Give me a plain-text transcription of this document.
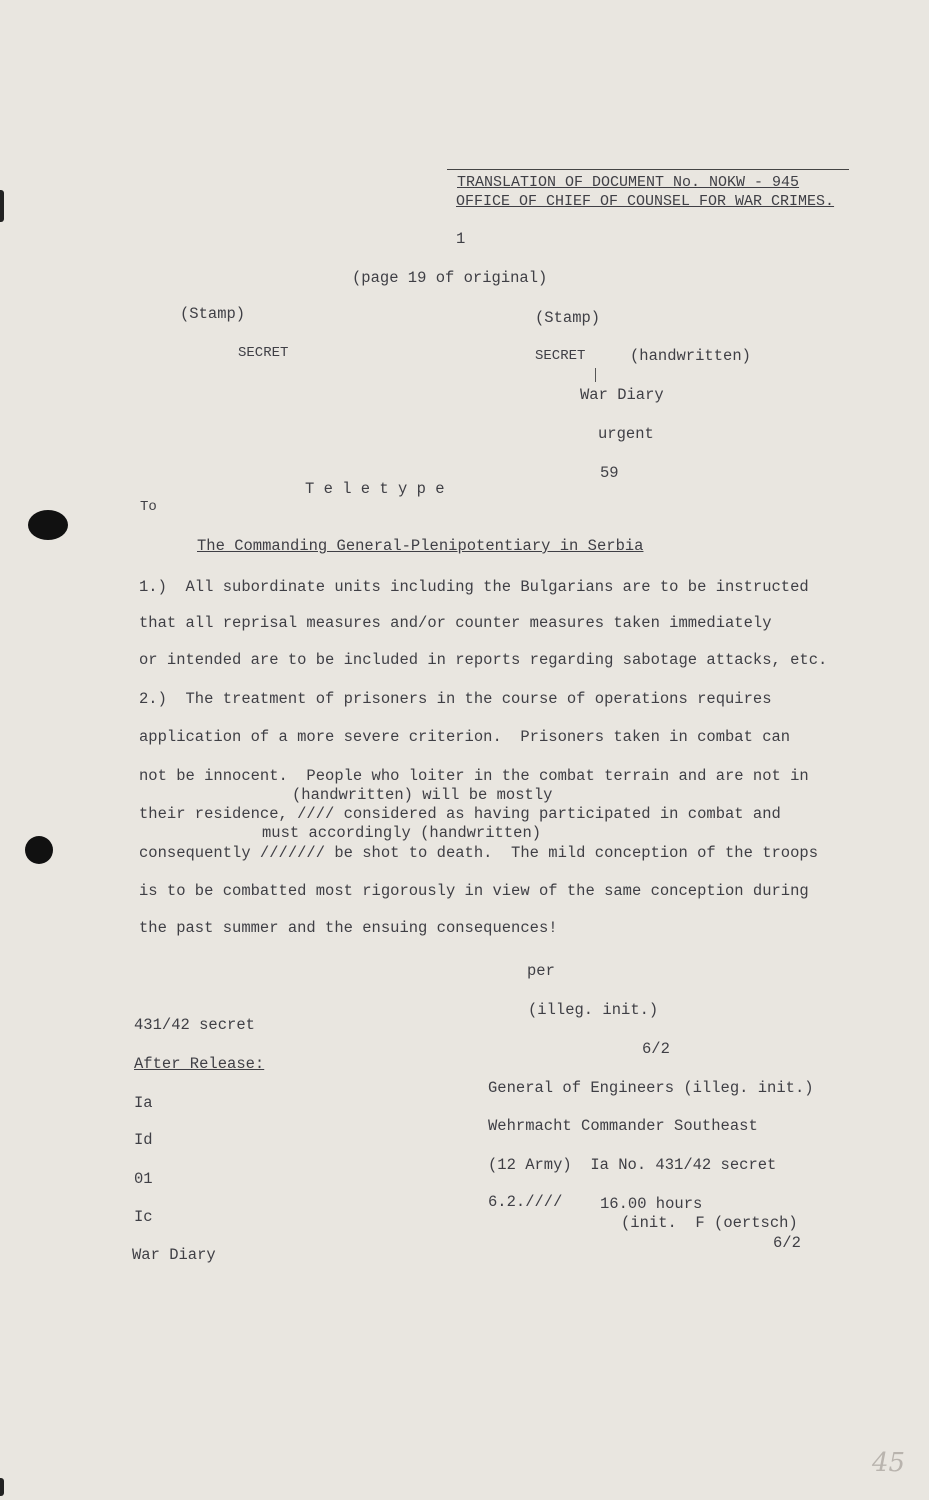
TRANSLATION OF DOCUMENT No. NOKW - 945
OFFICE OF CHIEF OF COUNSEL FOR WAR CRIMES.
1
(page 19 of original)
(Stamp)
SECRET
(Stamp)
SECRET	(handwritten)
War Diary
urgent
59
T e l e t y p e
To
The Commanding General-Plenipotentiary in Serbia
1.)  All subordinate units including the Bulgarians are to be instructed
that all reprisal measures and/or counter measures taken immediately
or intended are to be included in reports regarding sabotage attacks, etc.
2.)  The treatment of prisoners in the course of operations requires
application of a more severe criterion.  Prisoners taken in combat can
not be innocent.  People who loiter in the combat terrain and are not in
(handwritten) will be mostly
their residence, //// considered as having participated in combat and
must accordingly (handwritten)
consequently /////// be shot to death.  The mild conception of the troops
is to be combatted most rigorously in view of the same conception during
the past summer and the ensuing consequences!
per
(illeg. init.)
6/2
General of Engineers (illeg. init.)
Wehrmacht Commander Southeast
(12 Army)  Ia No. 431/42 secret
6.2.//// 16.00 hours
(init.  F (oertsch)
6/2
431/42 secret
After Release:
Ia
Id
01
Ic
War Diary
45
